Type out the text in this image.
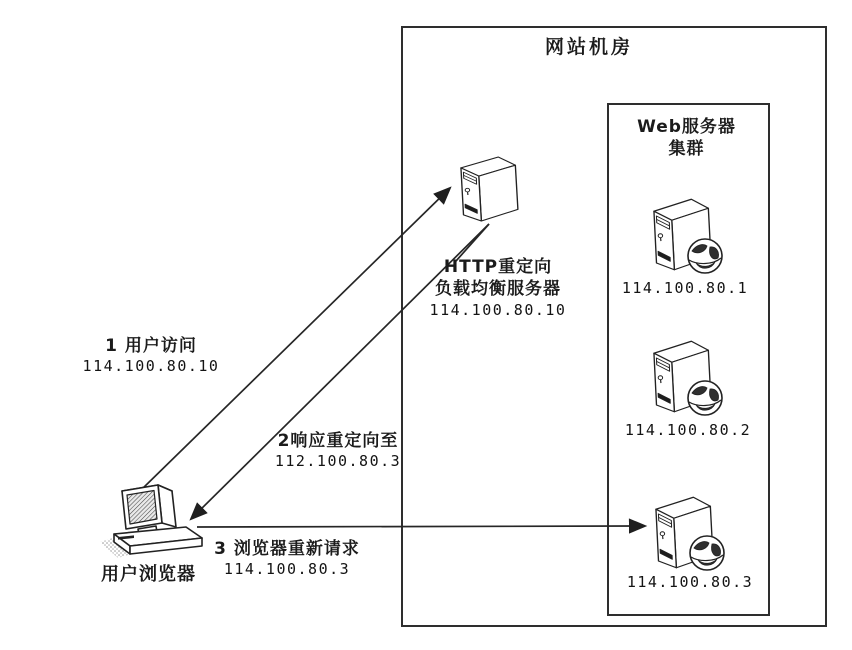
网站机房
Web服务器
集群
HTTP重定向
负载均衡服务器
114.100.80.10
114.100.80.1
114.100.80.2
114.100.80.3
1 用户访问
114.100.80.10
2响应重定向至
112.100.80.3
3 浏览器重新请求
114.100.80.3
用户浏览器
